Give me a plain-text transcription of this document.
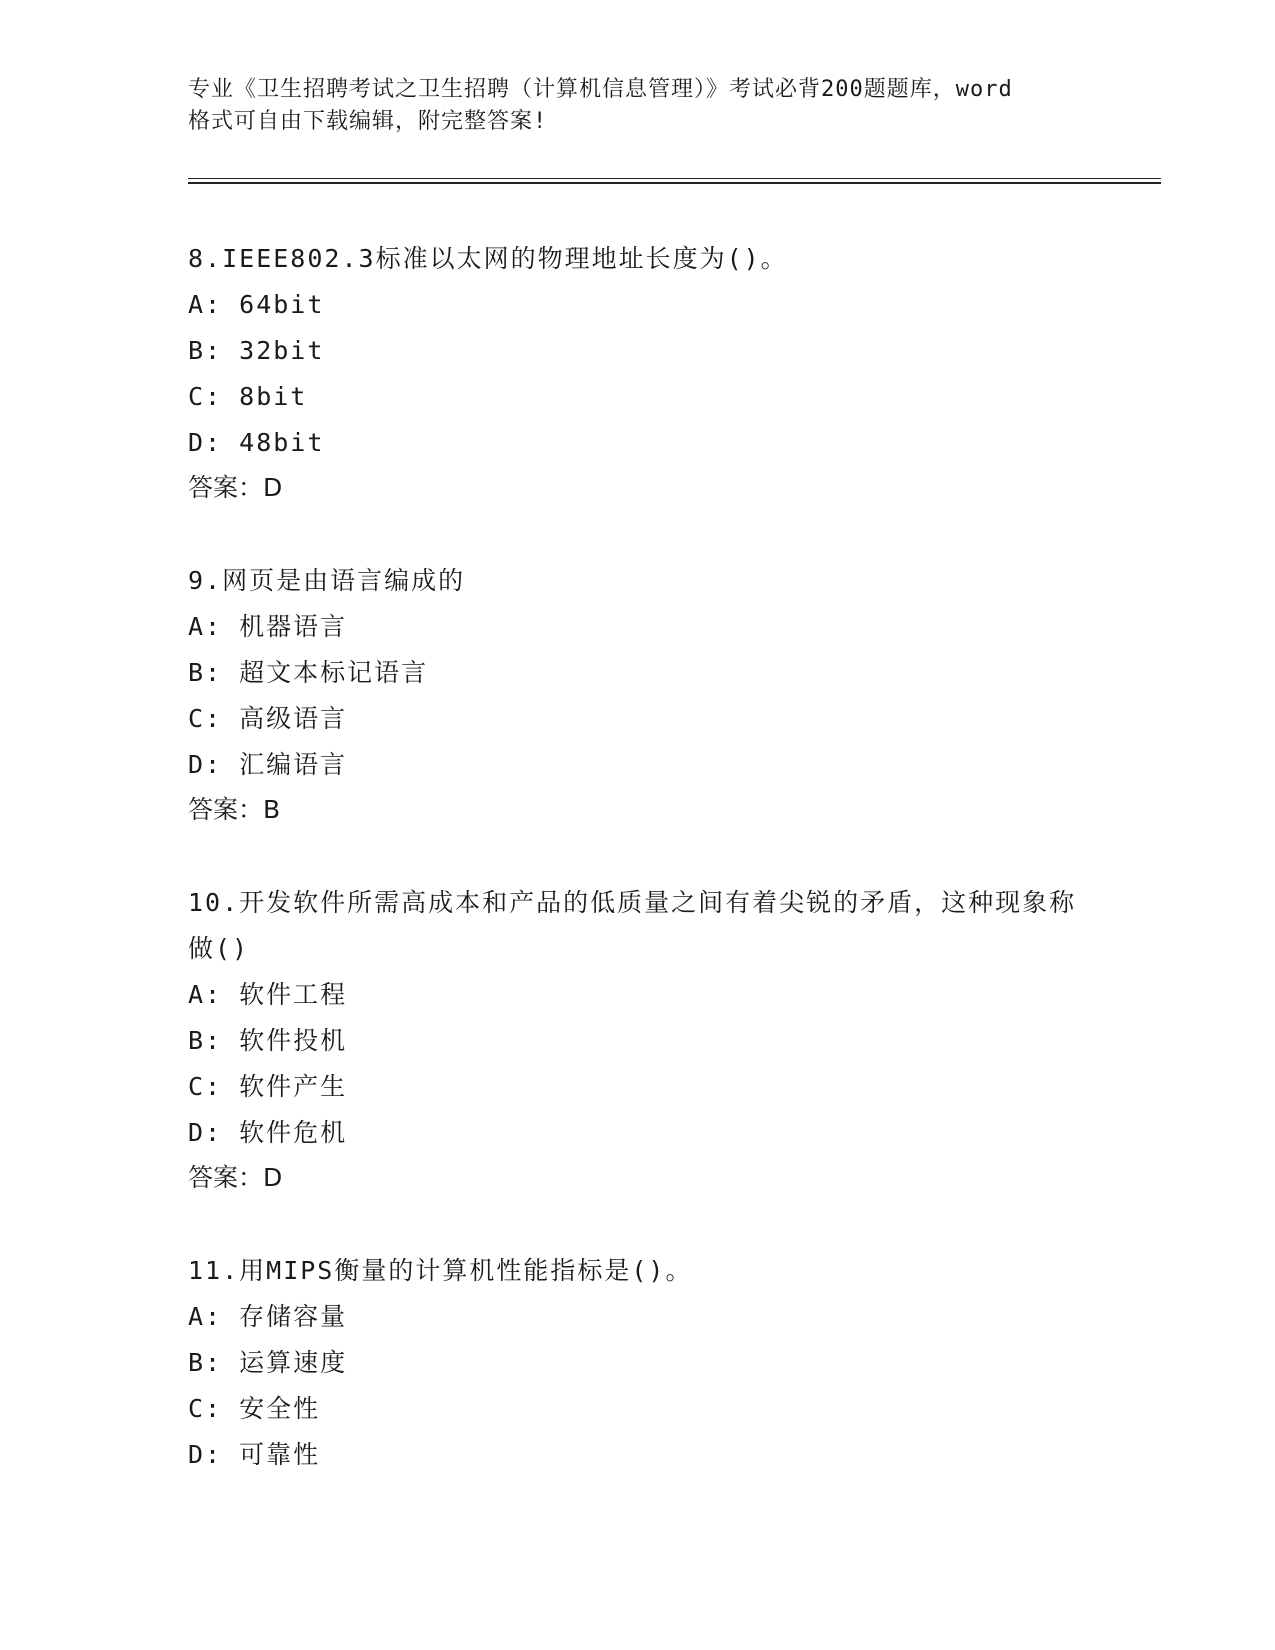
专业《卫生招聘考试之卫生招聘（计算机信息管理）》考试必背200题题库，word
格式可自由下载编辑，附完整答案!

8.IEEE802.3标准以太网的物理地址长度为()。

A: 64bit

B: 32bit

C: 8bit

D: 48bit

答案：D

9.网页是由语言编成的

A: 机器语言

B: 超文本标记语言

C: 高级语言

D: 汇编语言

答案：B

10.开发软件所需高成本和产品的低质量之间有着尖锐的矛盾，这种现象称做()

A: 软件工程

B: 软件投机

C: 软件产生

D: 软件危机

答案：D

11.用MIPS衡量的计算机性能指标是()。

A: 存储容量

B: 运算速度

C: 安全性

D: 可靠性
